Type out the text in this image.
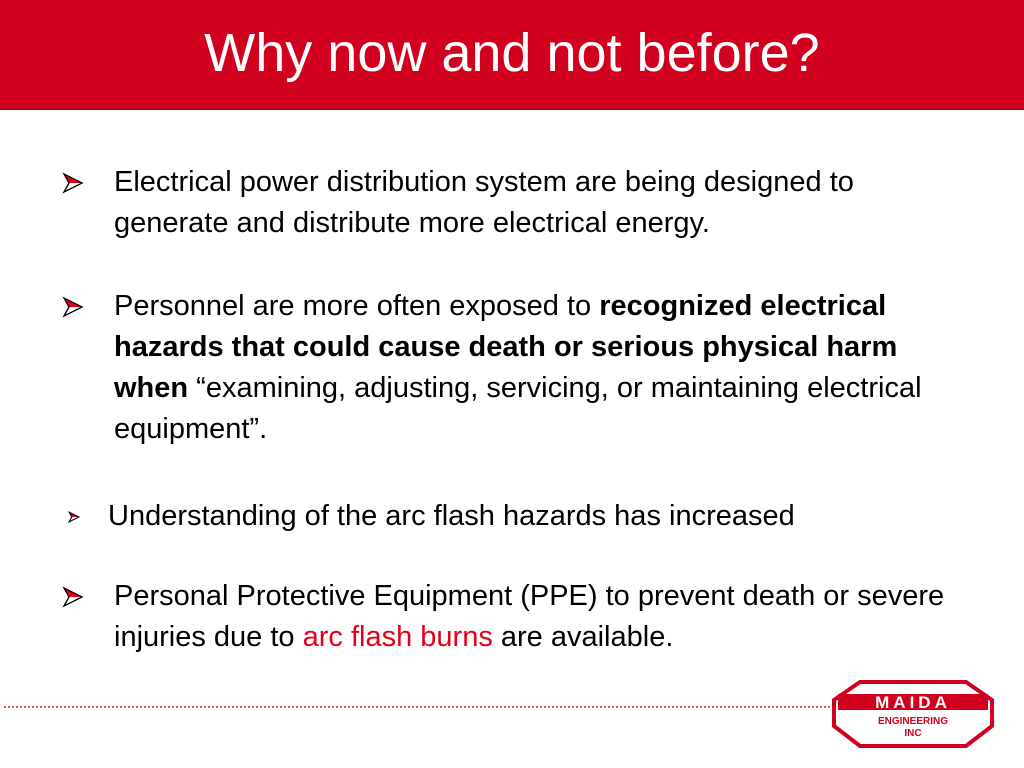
Why now and not before?
Electrical power distribution system are being designed to generate and distribute more electrical energy.
Personnel are more often exposed to recognized electrical hazards that could cause death or serious physical harm when “examining, adjusting, servicing, or maintaining electrical equipment”.
Understanding of the arc flash hazards has increased
Personal Protective Equipment (PPE) to prevent death or severe injuries due to arc flash burns are available.
MAIDA
ENGINEERING
INC
